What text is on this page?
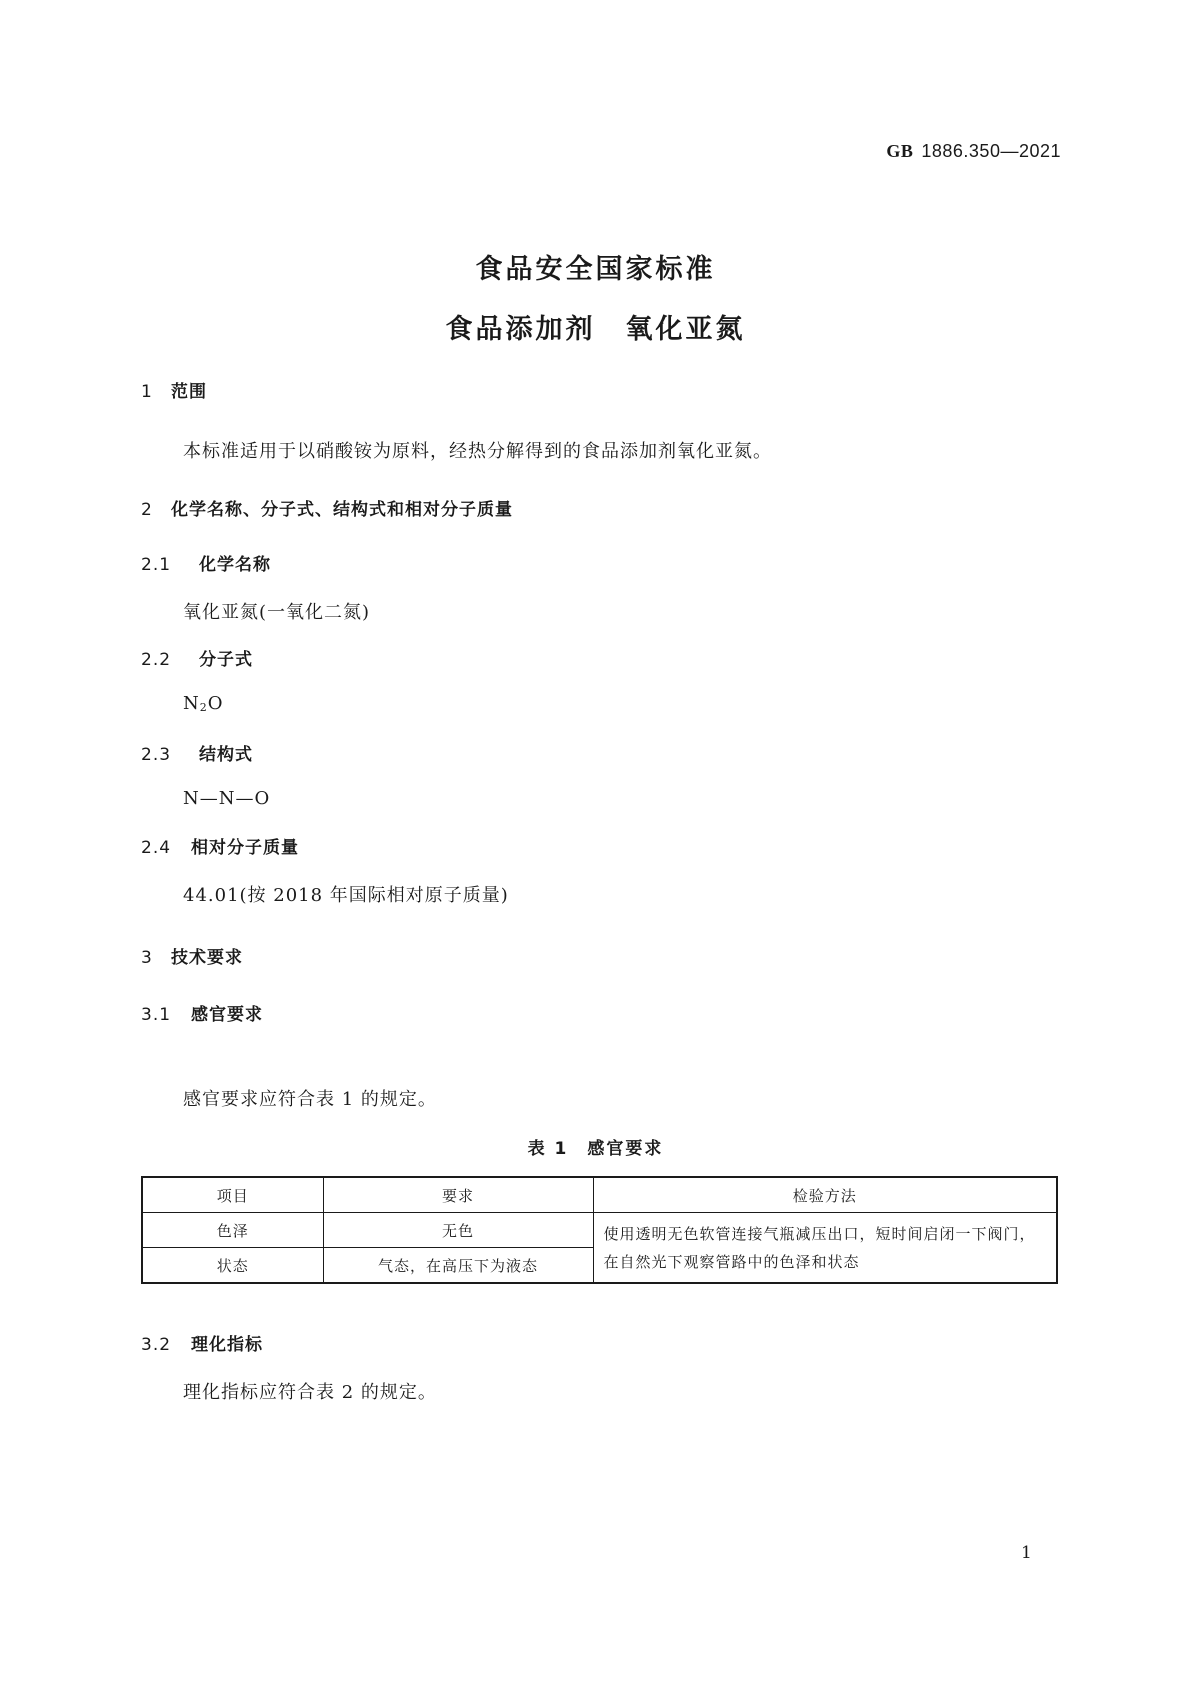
GB 1886.350—2021
食品安全国家标准
食品添加剂　氧化亚氮
1 范围
本标准适用于以硝酸铵为原料，经热分解得到的食品添加剂氧化亚氮。
2 化学名称、分子式、结构式和相对分子质量
2.1 化学名称
氧化亚氮(一氧化二氮)
2.2 分子式
$N_2O$
2.3 结构式
N—N—O
2.4 相对分子质量
44.01(按 2018 年国际相对原子质量)
3 技术要求
3.1 感官要求
感官要求应符合表 1 的规定。
表 1　感官要求
项目	要求	检验方法
色泽	无色	使用透明无色软管连接气瓶减压出口，短时间启闭一下阀门，在自然光下观察管路中的色泽和状态
状态	气态，在高压下为液态	
3.2 理化指标
理化指标应符合表 2 的规定。
1
